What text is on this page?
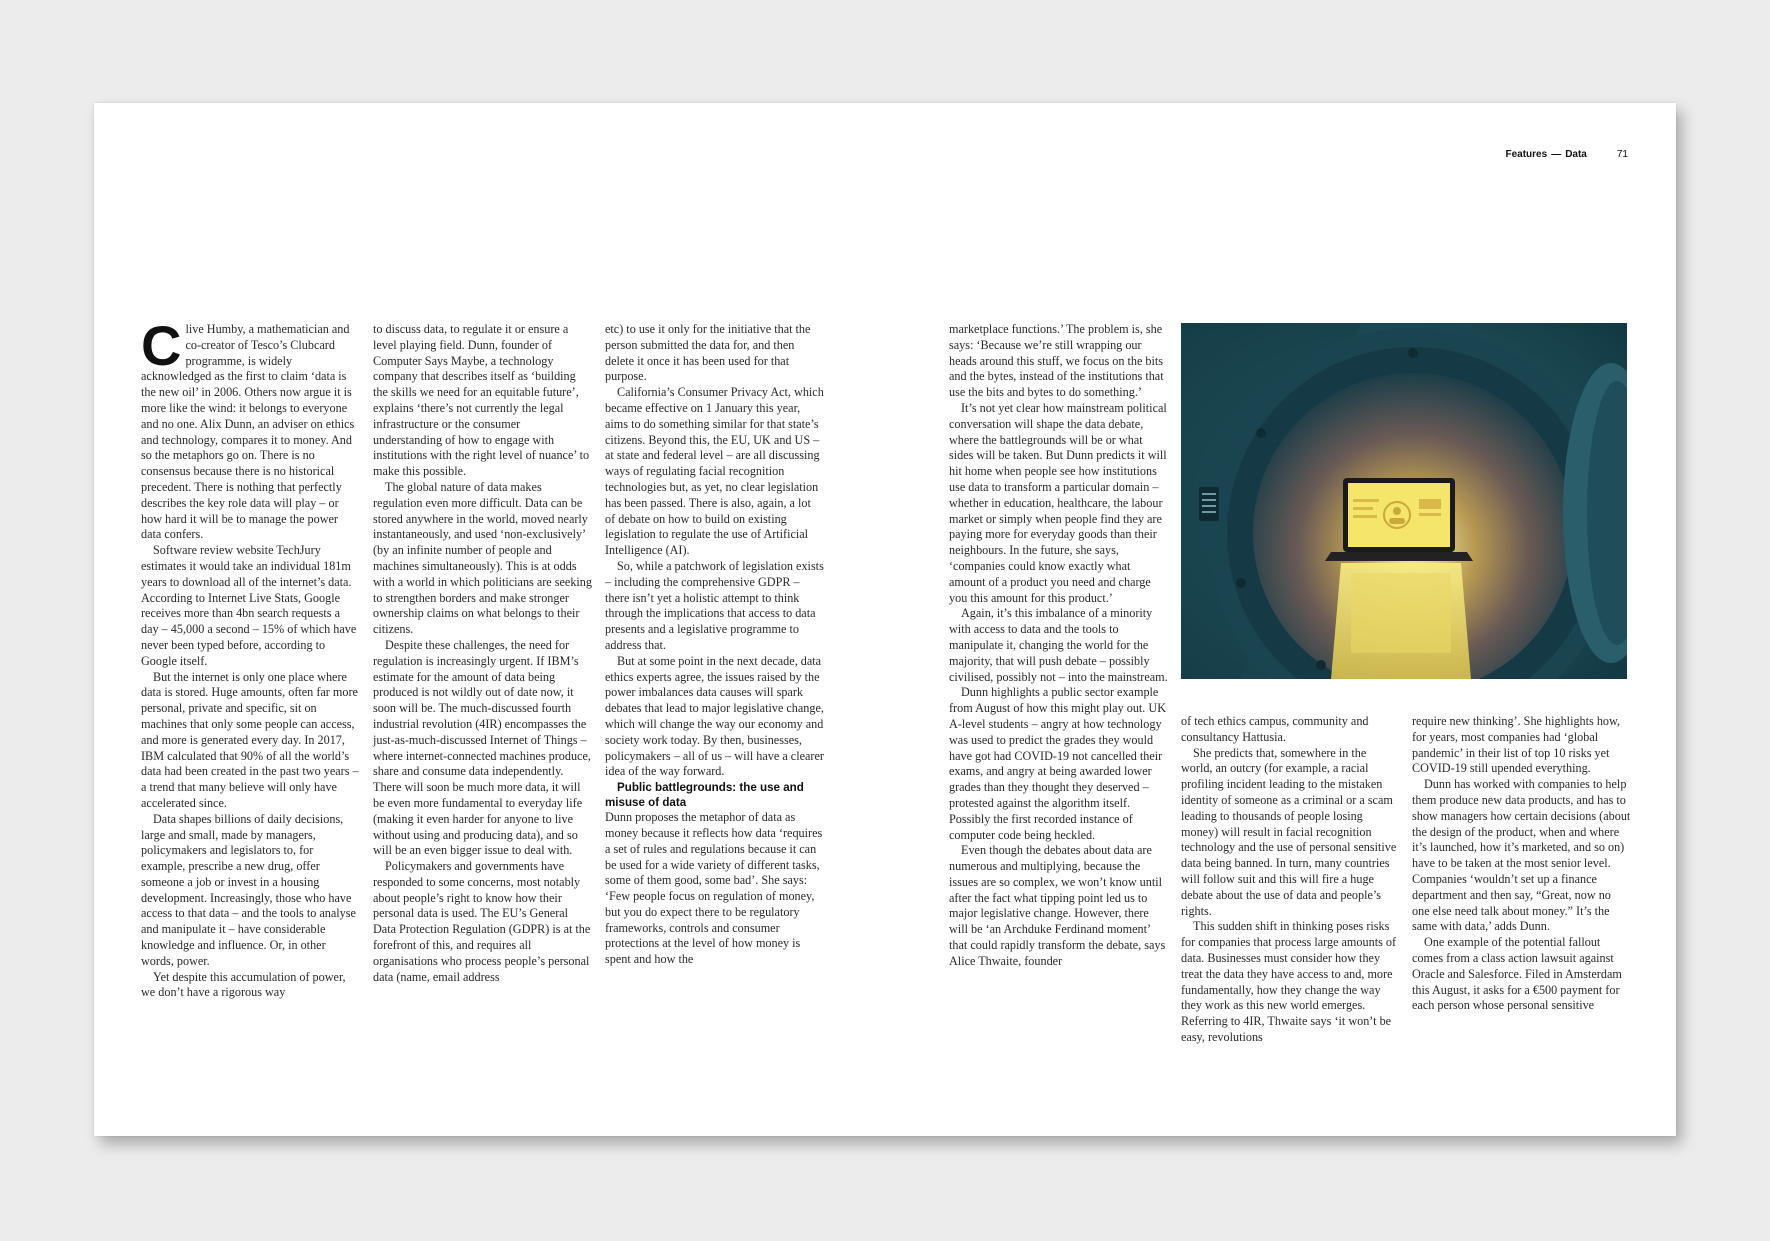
Features — Data	71

Clive Humby, a mathematician and co-creator of Tesco’s Clubcard programme, is widely acknowledged as the first to claim ‘data is the new oil’ in 2006. Others now argue it is more like the wind: it belongs to everyone and no one. Alix Dunn, an adviser on ethics and technology, compares it to money. And so the metaphors go on. There is no consensus because there is no historical precedent. There is nothing that perfectly describes the key role data will play – or how hard it will be to manage the power data confers.

Software review website TechJury estimates it would take an individual 181m years to download all of the internet’s data. According to Internet Live Stats, Google receives more than 4bn search requests a day – 45,000 a second – 15% of which have never been typed before, according to Google itself.

But the internet is only one place where data is stored. Huge amounts, often far more personal, private and specific, sit on machines that only some people can access, and more is generated every day. In 2017, IBM calculated that 90% of all the world’s data had been created in the past two years – a trend that many believe will only have accelerated since.

Data shapes billions of daily decisions, large and small, made by managers, policymakers and legislators to, for example, prescribe a new drug, offer someone a job or invest in a housing development. Increasingly, those who have access to that data – and the tools to analyse and manipulate it – have considerable knowledge and influence. Or, in other words, power.

Yet despite this accumulation of power, we don’t have a rigorous way

to discuss data, to regulate it or ensure a level playing field. Dunn, founder of Computer Says Maybe, a technology company that describes itself as ‘building the skills we need for an equitable future’, explains ‘there’s not currently the legal infrastructure or the consumer understanding of how to engage with institutions with the right level of nuance’ to make this possible.

The global nature of data makes regulation even more difficult. Data can be stored anywhere in the world, moved nearly instantaneously, and used ‘non-exclusively’ (by an infinite number of people and machines simultaneously). This is at odds with a world in which politicians are seeking to strengthen borders and make stronger ownership claims on what belongs to their citizens.

Despite these challenges, the need for regulation is increasingly urgent. If IBM’s estimate for the amount of data being produced is not wildly out of date now, it soon will be. The much-discussed fourth industrial revolution (4IR) encompasses the just-as-much-discussed Internet of Things – where internet-connected machines produce, share and consume data independently. There will soon be much more data, it will be even more fundamental to everyday life (making it even harder for anyone to live without using and producing data), and so will be an even bigger issue to deal with.

Policymakers and governments have responded to some concerns, most notably about people’s right to know how their personal data is used. The EU’s General Data Protection Regulation (GDPR) is at the forefront of this, and requires all organisations who process people’s personal data (name, email address

etc) to use it only for the initiative that the person submitted the data for, and then delete it once it has been used for that purpose.

California’s Consumer Privacy Act, which became effective on 1 January this year, aims to do something similar for that state’s citizens. Beyond this, the EU, UK and US – at state and federal level – are all discussing ways of regulating facial recognition technologies but, as yet, no clear legislation has been passed. There is also, again, a lot of debate on how to build on existing legislation to regulate the use of Artificial Intelligence (AI).

So, while a patchwork of legislation exists – including the comprehensive GDPR – there isn’t yet a holistic attempt to think through the implications that access to data presents and a legislative programme to address that.

But at some point in the next decade, data ethics experts agree, the issues raised by the power imbalances data causes will spark debates that lead to major legislative change, which will change the way our economy and society work today. By then, businesses, policymakers – all of us – will have a clearer idea of the way forward.

Public battlegrounds: the use and misuse of data

Dunn proposes the metaphor of data as money because it reflects how data ‘requires a set of rules and regulations because it can be used for a wide variety of different tasks, some of them good, some bad’. She says: ‘Few people focus on regulation of money, but you do expect there to be regulatory frameworks, controls and consumer protections at the level of how money is spent and how the

marketplace functions.’ The problem is, she says: ‘Because we’re still wrapping our heads around this stuff, we focus on the bits and the bytes, instead of the institutions that use the bits and bytes to do something.’

It’s not yet clear how mainstream political conversation will shape the data debate, where the battlegrounds will be or what sides will be taken. But Dunn predicts it will hit home when people see how institutions use data to transform a particular domain – whether in education, healthcare, the labour market or simply when people find they are paying more for everyday goods than their neighbours. In the future, she says, ‘companies could know exactly what amount of a product you need and charge you this amount for this product.’

Again, it’s this imbalance of a minority with access to data and the tools to manipulate it, changing the world for the majority, that will push debate – possibly civilised, possibly not – into the mainstream.

Dunn highlights a public sector example from August of how this might play out. UK A-level students – angry at how technology was used to predict the grades they would have got had COVID-19 not cancelled their exams, and angry at being awarded lower grades than they thought they deserved – protested against the algorithm itself. Possibly the first recorded instance of computer code being heckled.

Even though the debates about data are numerous and multiplying, because the issues are so complex, we won’t know until after the fact what tipping point led us to major legislative change. However, there will be ‘an Archduke Ferdinand moment’ that could rapidly transform the debate, says Alice Thwaite, founder

of tech ethics campus, community and consultancy Hattusia.

She predicts that, somewhere in the world, an outcry (for example, a racial profiling incident leading to the mistaken identity of someone as a criminal or a scam leading to thousands of people losing money) will result in facial recognition technology and the use of personal sensitive data being banned. In turn, many countries will follow suit and this will fire a huge debate about the use of data and people’s rights.

This sudden shift in thinking poses risks for companies that process large amounts of data. Businesses must consider how they treat the data they have access to and, more fundamentally, how they change the way they work as this new world emerges. Referring to 4IR, Thwaite says ‘it won’t be easy, revolutions

require new thinking’. She highlights how, for years, most companies had ‘global pandemic’ in their list of top 10 risks yet COVID-19 still upended everything.

Dunn has worked with companies to help them produce new data products, and has to show managers how certain decisions (about the design of the product, when and where it’s launched, how it’s marketed, and so on) have to be taken at the most senior level. Companies ‘wouldn’t set up a finance department and then say, “Great, now no one else need talk about money.” It’s the same with data,’ adds Dunn.

One example of the potential fallout comes from a class action lawsuit against Oracle and Salesforce. Filed in Amsterdam this August, it asks for a €500 payment for each person whose personal sensitive
